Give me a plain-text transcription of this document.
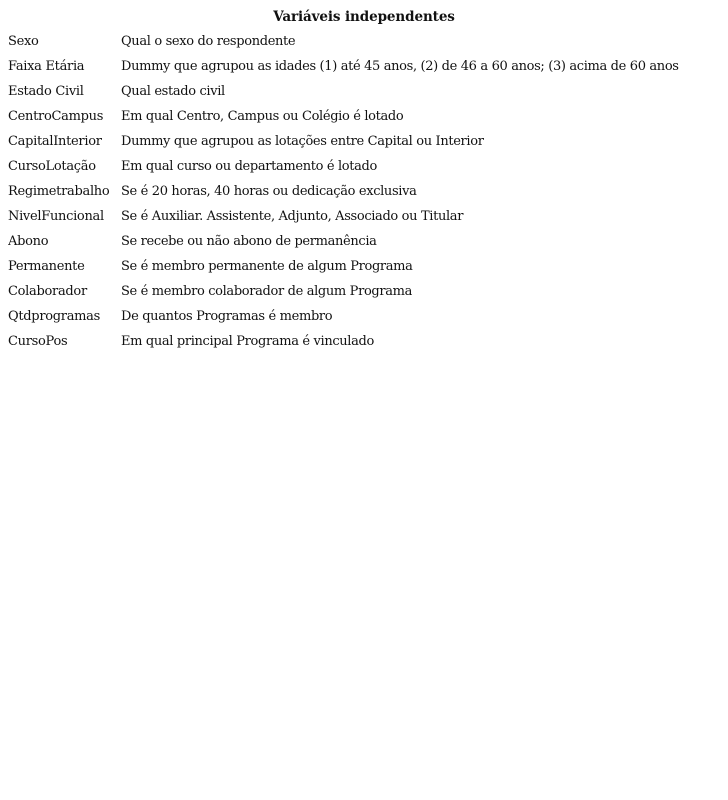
Variáveis independentes
Sexo	Qual o sexo do respondente
Faixa Etária	Dummy que agrupou as idades (1) até 45 anos, (2) de 46 a 60 anos; (3) acima de 60 anos
Estado Civil	Qual estado civil
CentroCampus	Em qual Centro, Campus ou Colégio é lotado
CapitalInterior	Dummy que agrupou as lotações entre Capital ou Interior
CursoLotação	Em qual curso ou departamento é lotado
Regimetrabalho Se é 20 horas, 40 horas ou dedicação exclusiva
NivelFuncional	Se é Auxiliar. Assistente, Adjunto, Associado ou Titular
Abono	Se recebe ou não abono de permanência
Permanente	Se é membro permanente de algum Programa
Colaborador	Se é membro colaborador de algum Programa
Qtdprogramas	De quantos Programas é membro
CursoPos	Em qual principal Programa é vinculado
